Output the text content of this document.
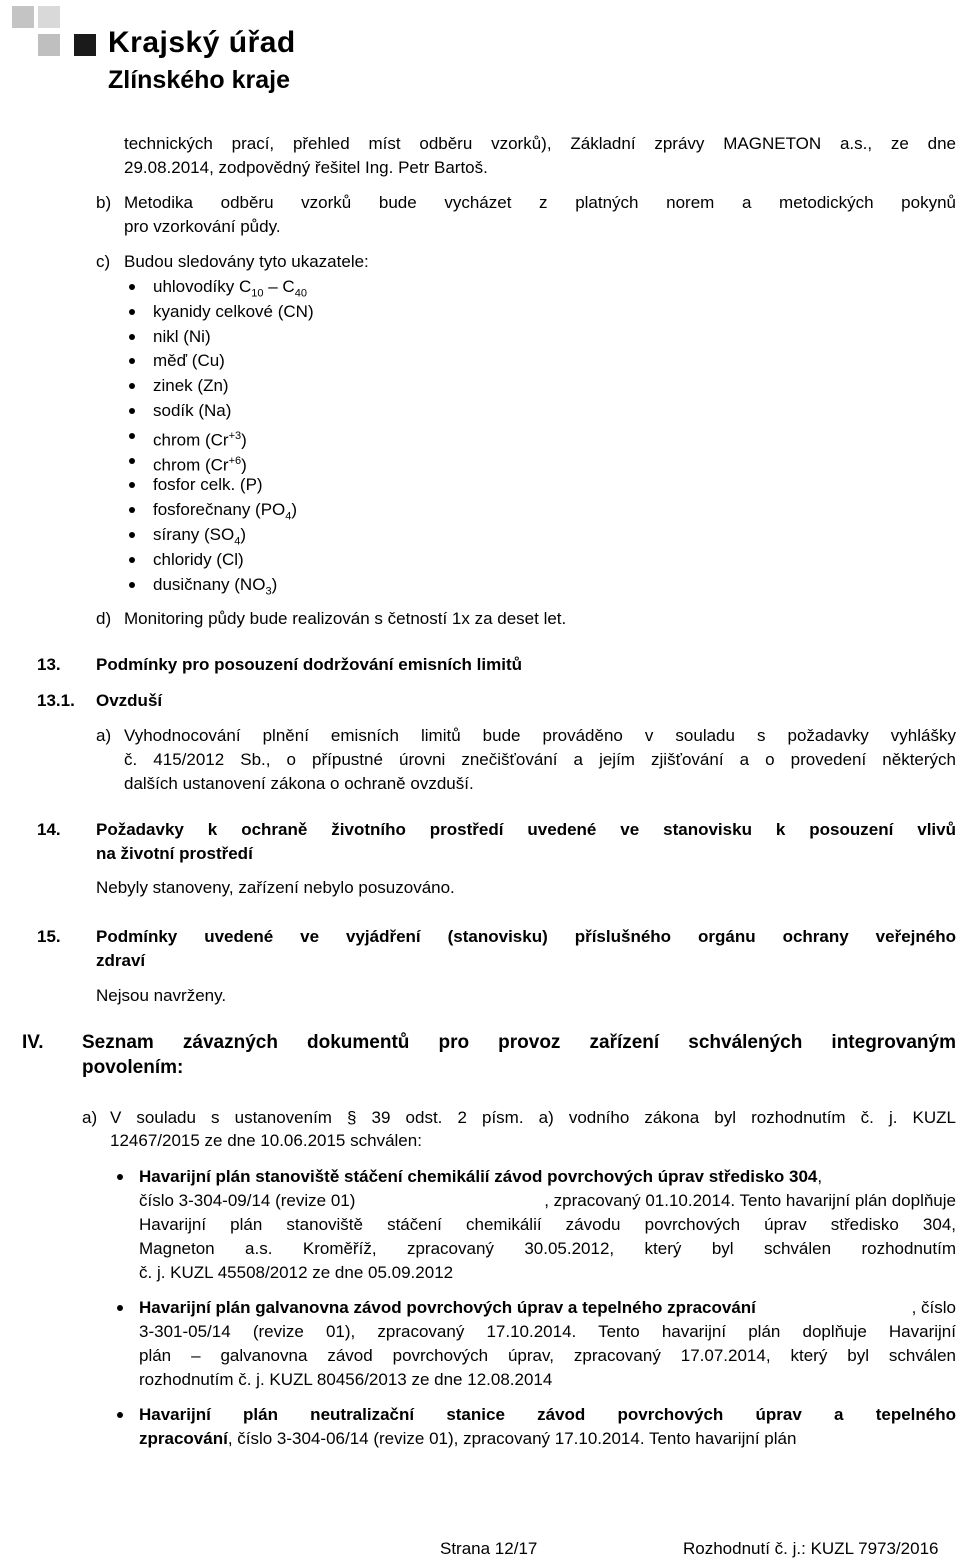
Krajský úřad
Zlínského kraje
technických prací, přehled míst odběru vzorků), Základní zprávy MAGNETON a.s., ze dne
29.08.2014, zodpovědný řešitel Ing. Petr Bartoš.
b) Metodika odběru vzorků bude vycházet z platných norem a metodických pokynů
pro vzorkování půdy.
c) Budou sledovány tyto ukazatele:
uhlovodíky $C_{10} - C_{40}$
kyanidy celkové (CN)
nikl (Ni)
měď (Cu)
zinek (Zn)
sodík (Na)
chrom $(Cr^{+3})$
chrom $(Cr^{+6})$
fosfor celk. (P)
fosforečnany $(PO_4)$
sírany $(SO_4)$
chloridy (Cl)
dusičnany $(NO_3)$
d) Monitoring půdy bude realizován s četností 1x za deset let.
13. Podmínky pro posouzení dodržování emisních limitů
13.1. Ovzduší
a) Vyhodnocování plnění emisních limitů bude prováděno v souladu s požadavky vyhlášky
č. 415/2012 Sb., o přípustné úrovni znečišťování a jejím zjišťování a o provedení některých
dalších ustanovení zákona o ochraně ovzduší.
14. Požadavky k ochraně životního prostředí uvedené ve stanovisku k posouzení vlivů
na životní prostředí
Nebyly stanoveny, zařízení nebylo posuzováno.
15. Podmínky uvedené ve vyjádření (stanovisku) příslušného orgánu ochrany veřejného
zdraví
Nejsou navrženy.
IV. Seznam závazných dokumentů pro provoz zařízení schválených integrovaným
povolením:
a) V souladu s ustanovením § 39 odst. 2 písm. a) vodního zákona byl rozhodnutím č. j. KUZL
12467/2015 ze dne 10.06.2015 schválen:
Havarijní plán stanoviště stáčení chemikálií závod povrchových úprav středisko 304,
číslo 3-304-09/14 (revize 01)	, zpracovaný 01.10.2014. Tento havarijní plán doplňuje
Havarijní plán stanoviště stáčení chemikálií závodu povrchových úprav středisko 304,
Magneton a.s. Kroměříž, zpracovaný 30.05.2012, který byl schválen rozhodnutím
č. j. KUZL 45508/2012 ze dne 05.09.2012
Havarijní plán galvanovna závod povrchových úprav a tepelného zpracování	, číslo
3-301-05/14 (revize 01), zpracovaný 17.10.2014. Tento havarijní plán doplňuje Havarijní
plán – galvanovna závod povrchových úprav, zpracovaný 17.07.2014, který byl schválen
rozhodnutím č. j. KUZL 80456/2013 ze dne 12.08.2014
Havarijní plán neutralizační stanice závod povrchových úprav a tepelného
zpracování , číslo 3-304-06/14 (revize 01), zpracovaný 17.10.2014. Tento havarijní plán
Strana 12/17	Rozhodnutí č. j.: KUZL 7973/2016
